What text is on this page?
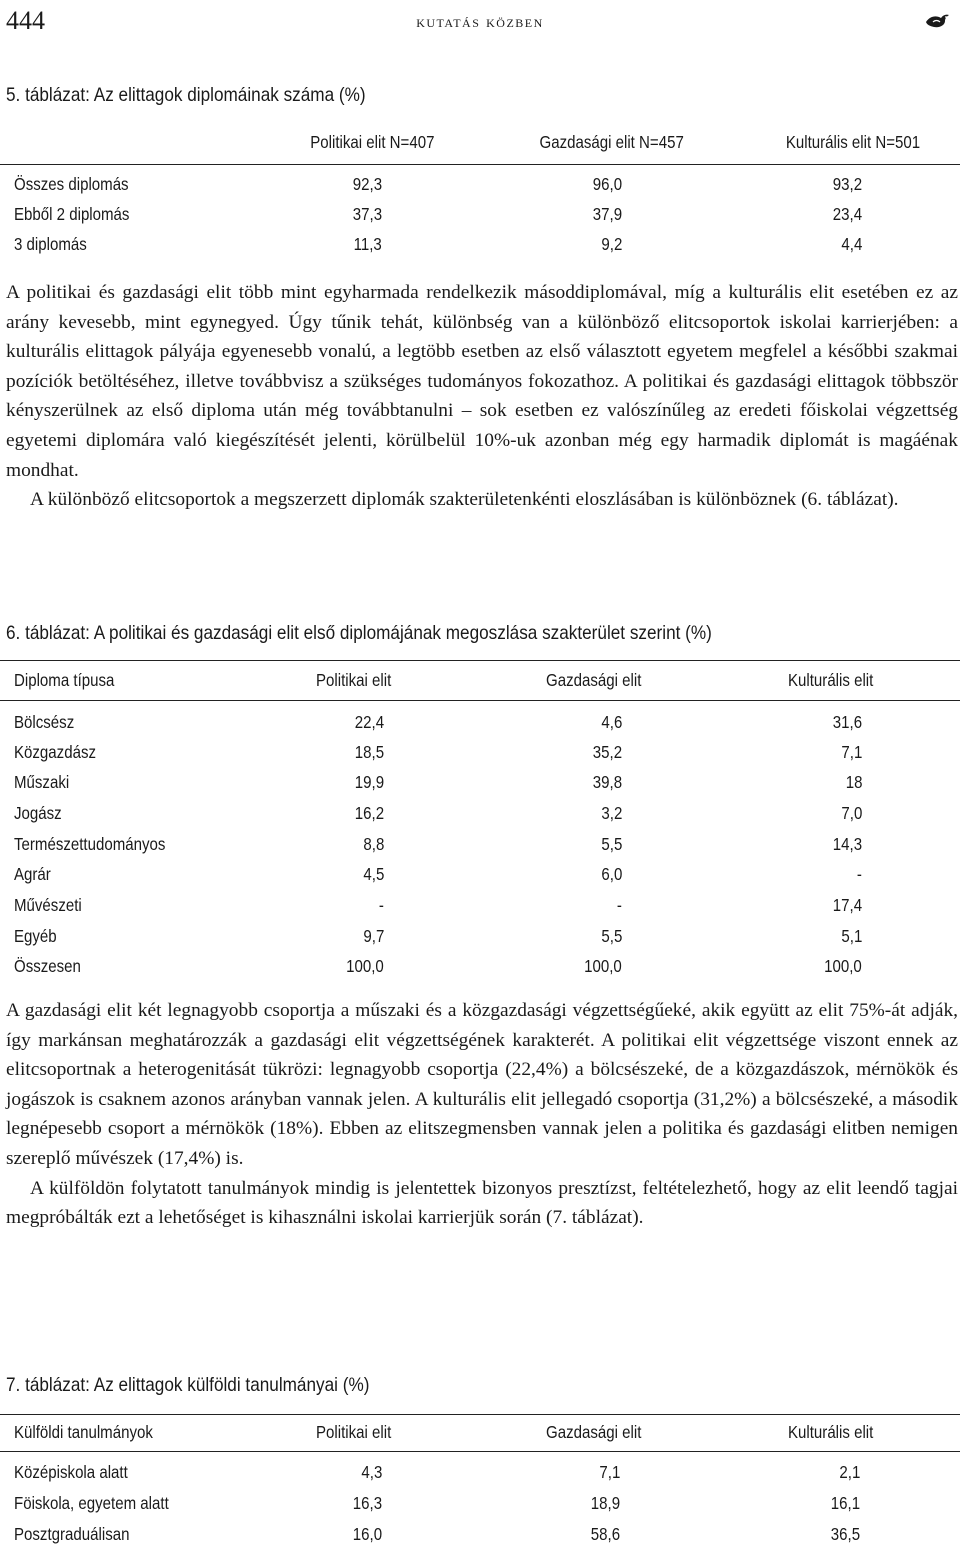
444	kutatás közben
5. táblázat: Az elittagok diplomáinak száma (%)
Politikai elit N=407	Gazdasági elit N=457	Kulturális elit N=501
Összes diplomás	92,3	96,0	93,2
Ebből 2 diplomás	37,3	37,9	23,4
3 diplomás	11,3	9,2	4,4

A politikai és gazdasági elit több mint egyharmada rendelkezik másoddiplomával, míg a kulturális elit esetében ez az arány kevesebb, mint egynegyed. Úgy tűnik tehát, különbség van a különböző elitcsoportok iskolai karrierjében: a kulturális elittagok pályája egyenesebb vonalú, a legtöbb esetben az első választott egyetem megfelel a későbbi szakmai pozíciók betöltéséhez, illetve továbbvisz a szükséges tudományos fokozathoz. A politikai és gazdasági elittagok többször kényszerülnek az első diploma után még továbbtanulni – sok esetben ez valószínűleg az eredeti főiskolai végzettség egyetemi diplomára való kiegészítését jelenti, körülbelül 10%-uk azonban még egy harmadik diplomát is magáénak mondhat.

A különböző elitcsoportok a megszerzett diplomák szakterületenkénti eloszlásában is különböznek (6. táblázat).

6. táblázat: A politikai és gazdasági elit első diplomájának megoszlása szakterület szerint (%)
Diploma típusa	Politikai elit	Gazdasági elit	Kulturális elit
Bölcsész	22,4	4,6	31,6
Közgazdász	18,5	35,2	7,1
Műszaki	19,9	39,8	18
Jogász	16,2	3,2	7,0
Természettudományos	8,8	5,5	14,3
Agrár	4,5	6,0	-
Művészeti	-	-	17,4
Egyéb	9,7	5,5	5,1
Összesen	100,0	100,0	100,0

A gazdasági elit két legnagyobb csoportja a műszaki és a közgazdasági végzettségűeké, akik együtt az elit 75%-át adják, így markánsan meghatározzák a gazdasági elit végzettségének karakterét. A politikai elit végzettsége viszont ennek az elitcsoportnak a heterogenitását tükrözi: legnagyobb csoportja (22,4%) a bölcsészeké, de a közgazdászok, mérnökök és jogászok is csaknem azonos arányban vannak jelen. A kulturális elit jellegadó csoportja (31,2%) a bölcsészeké, a második legnépesebb csoport a mérnökök (18%). Ebben az elitszegmensben vannak jelen a politika és gazdasági elitben nemigen szereplő művészek (17,4%) is.

A külföldön folytatott tanulmányok mindig is jelentettek bizonyos presztízst, feltételezhető, hogy az elit leendő tagjai megpróbálták ezt a lehetőséget is kihasználni iskolai karrierjük során (7. táblázat).

7. táblázat: Az elittagok külföldi tanulmányai (%)
Külföldi tanulmányok	Politikai elit	Gazdasági elit	Kulturális elit
Középiskola alatt	4,3	7,1	2,1
Föiskola, egyetem alatt	16,3	18,9	16,1
Posztgraduálisan	16,0	58,6	36,5
